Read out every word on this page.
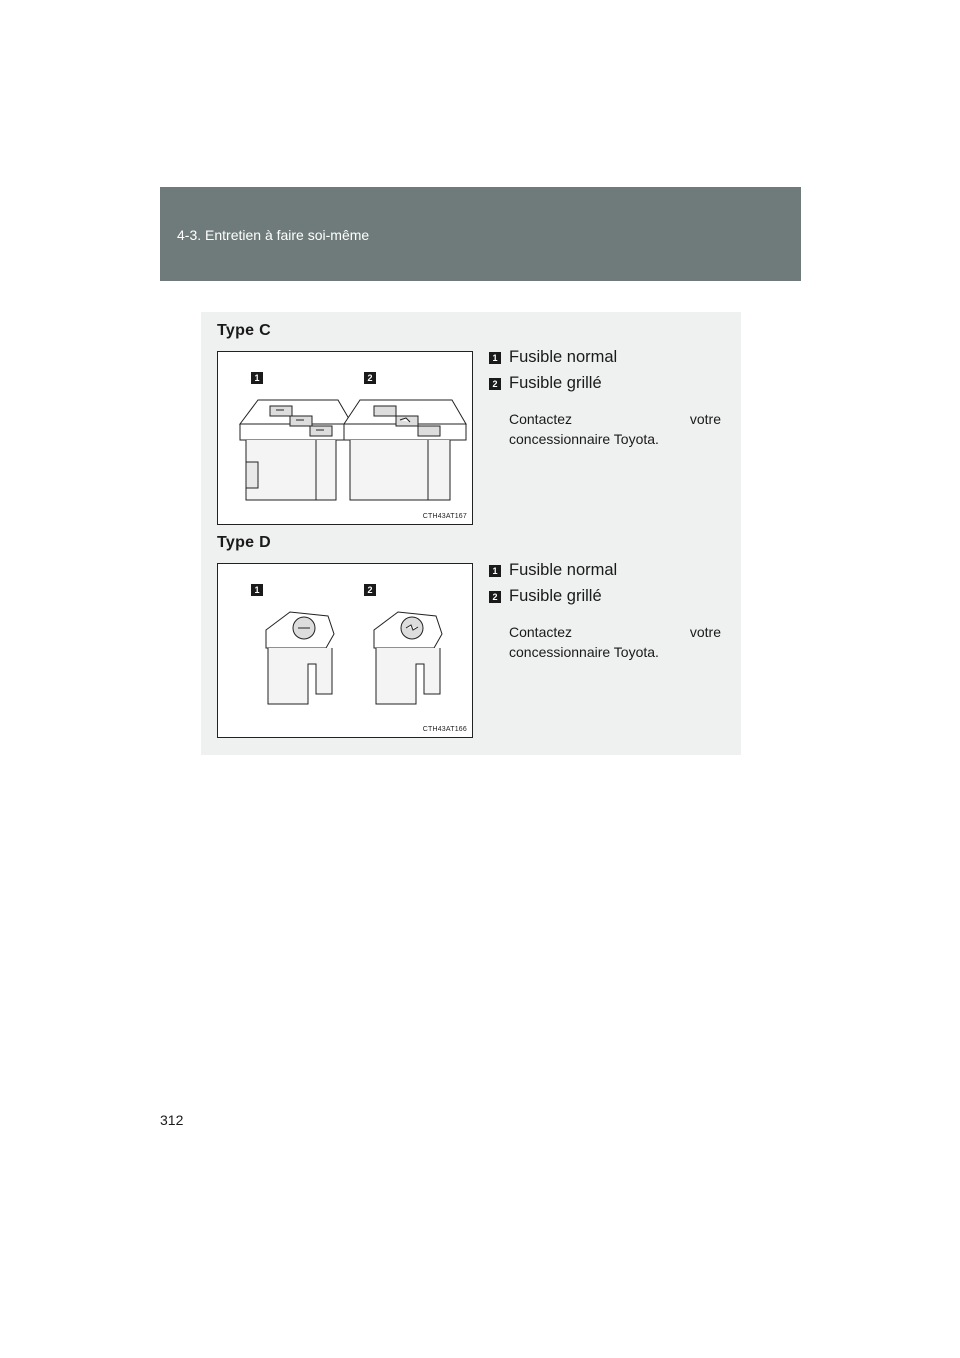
4-3. Entretien à faire soi-même
Type C
1	2
CTH43AT167
1 Fusible normal
2 Fusible grillé
Contactez	votre
concessionnaire Toyota.
Type D
1	2
CTH43AT166
1 Fusible normal
2 Fusible grillé
Contactez	votre
concessionnaire Toyota.
312
